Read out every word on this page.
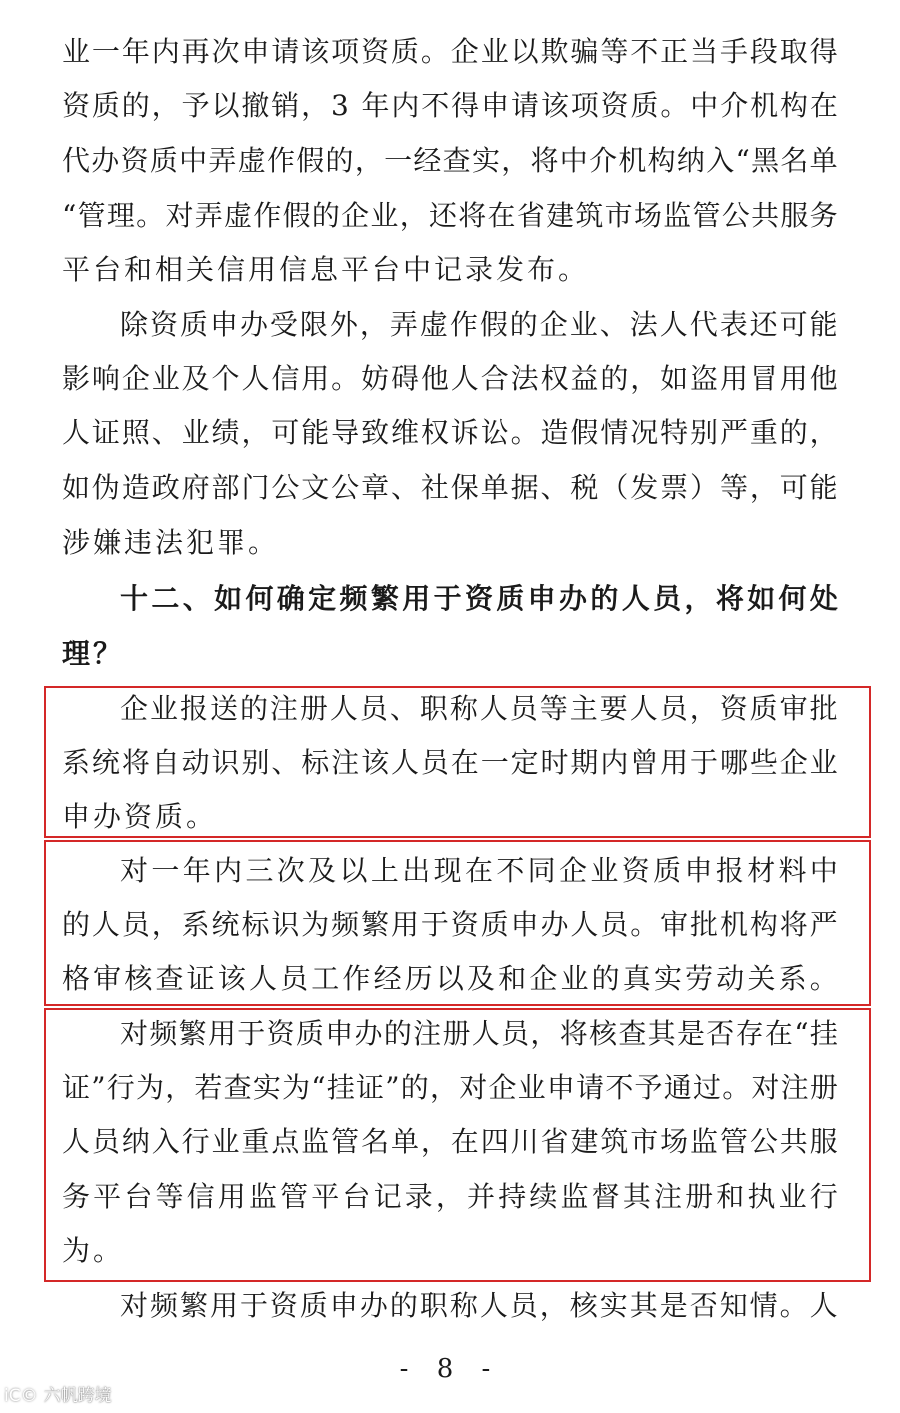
业 一 年 内 再 次 申 请 该 项 资 质 。 企 业 以 欺 骗 等 不 正 当 手 段 取 得
资 质 的 ， 予 以 撤 销 ， 3
年 内 不 得 申 请 该 项 资 质 。 中 介 机 构 在
代 办 资 质 中 弄 虚 作 假 的 ， 一 经 查 实 ， 将 中 介 机 构 纳 入 “ 黑 名 单
“ 管 理 。 对 弄 虚 作 假 的 企 业 ， 还 将 在 省 建 筑 市 场 监 管 公 共 服 务
平台和相关信用信息平台中记录发布。
除 资 质 申 办 受 限 外 ， 弄 虚 作 假 的 企 业 、 法 人 代 表 还 可 能
影 响 企 业 及 个 人 信 用 。 妨 碍 他 人 合 法 权 益 的 ， 如 盗 用 冒 用 他
人 证 照 、 业 绩 ， 可 能 导 致 维 权 诉 讼 。 造 假 情 况 特 别 严 重 的 ，
如 伪 造 政 府 部 门 公 文 公 章 、 社 保 单 据 、 税 （ 发 票 ） 等 ， 可 能
涉嫌违法犯罪。
十 二 、 如 何 确 定 频 繁 用 于 资 质 申 办 的 人 员 ， 将 如 何 处
理？
企 业 报 送 的 注 册 人 员 、 职 称 人 员 等 主 要 人 员 ， 资 质 审 批
系 统 将 自 动 识 别 、 标 注 该 人 员 在 一 定 时 期 内 曾 用 于 哪 些 企 业
申办资质。
对 一 年 内 三 次 及 以 上 出 现 在 不 同 企 业 资 质 申 报 材 料 中
的 人 员 ， 系 统 标 识 为 频 繁 用 于 资 质 申 办 人 员 。 审 批 机 构 将 严
格 审 核 查 证 该 人 员 工 作 经 历 以 及 和 企 业 的 真 实 劳 动 关 系 。
对 频 繁 用 于 资 质 申 办 的 注 册 人 员 ， 将 核 查 其 是 否 存 在 “ 挂
证 ” 行 为 ， 若 查 实 为 “ 挂 证 ” 的 ， 对 企 业 申 请 不 予 通 过 。 对 注 册
人 员 纳 入 行 业 重 点 监 管 名 单 ， 在 四 川 省 建 筑 市 场 监 管 公 共 服
务 平 台 等 信 用 监 管 平 台 记 录 ， 并 持 续 监 督 其 注 册 和 执 业 行
为。
对 频 繁 用 于 资 质 申 办 的 职 称 人 员 ， 核 实 其 是 否 知 情 。 人
- 8 -
iC© 六帆跨境
